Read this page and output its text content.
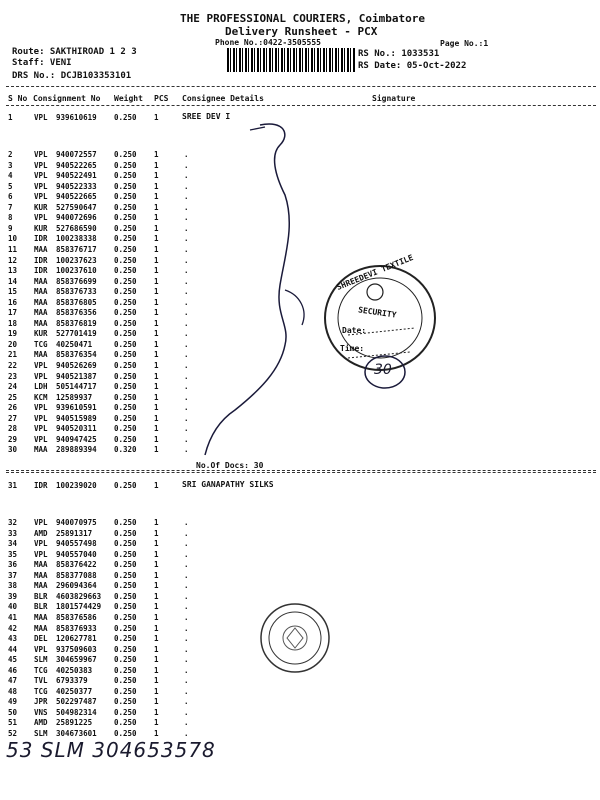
THE PROFESSIONAL COURIERS, Coimbatore
Delivery Runsheet - PCX
Phone No.:0422-3505555	Page No.:1
Route: SAKTHIROAD 1 2 3
Staff: VENI
DRS No.: DCJB103353101
RS No.: 1033531
RS Date: 05-Oct-2022
S No Consignment No Weight PCS Consignee Details	Signature
1	VPL 939610619 0.250 1	SREE DEV I
2	VPL 940072557 0.250 1	.
3	VPL 940522265 0.250 1	.
4	VPL 940522491 0.250 1	.
5	VPL 940522333 0.250 1	.
6	VPL 940522665 0.250 1	.
7	KUR 527590647 0.250 1	.
8	VPL 940072696 0.250 1	.
9	KUR 527686590 0.250 1	.
10	IDR 100238338 0.250 1	.
11	MAA 858376717 0.250 1	.
12	IDR 100237623 0.250 1	.
13	IDR 100237610 0.250 1	.
14	MAA 858376699 0.250 1	.
15	MAA 858376733 0.250 1	.
16	MAA 858376805 0.250 1	.
17	MAA 858376356 0.250 1	.
18	MAA 858376819 0.250 1	.
19	KUR 527701419 0.250 1	.
20	TCG 40250471	0.250 1	.
21	MAA 858376354 0.250 1	.
22	VPL 940526269 0.250 1	.
23	VPL 940521387 0.250 1	.
24	LDH 505144717 0.250 1	.
25	KCM 12589937	0.250 1	.
26	VPL 939610591 0.250 1	.
27	VPL 940515989 0.250 1	.
28	VPL 940520311 0.250 1	.
29	VPL 940947425 0.250 1	.
30	MAA 289889394 0.320 1	.
No.Of Docs: 30
31	IDR 100239020 0.250 1	SRI GANAPATHY SILKS
32	VPL 940070975 0.250 1	.
33	AMD 25891317	0.250 1	.
34	VPL 940557498 0.250 1	.
35	VPL 940557040 0.250 1	.
36	MAA 858376422 0.250 1	.
37	MAA 858377088 0.250 1	.
38	MAA 296094364 0.250 1	.
39	BLR 4603829663 0.250 1	.
40	BLR 1801574429 0.250 1	.
41	MAA 858376586 0.250 1	.
42	MAA 858376933 0.250 1	.
43	DEL 120627781 0.250 1	.
44	VPL 937509603 0.250 1	.
45	SLM 304659967 0.250 1	.
46	TCG 40250383	0.250 1	.
47	TVL 6793379	0.250 1	.
48	TCG 40250377	0.250 1	.
49	JPR 502297487 0.250 1	.
50	VNS 504982314 0.250 1	.
51	AMD 25891225	0.250 1	.
52	SLM 304673601 0.250 1	.
SHREEDEVI TEXTILE
SECURITY
Date:
Time:
30
53 SLM 304653578
